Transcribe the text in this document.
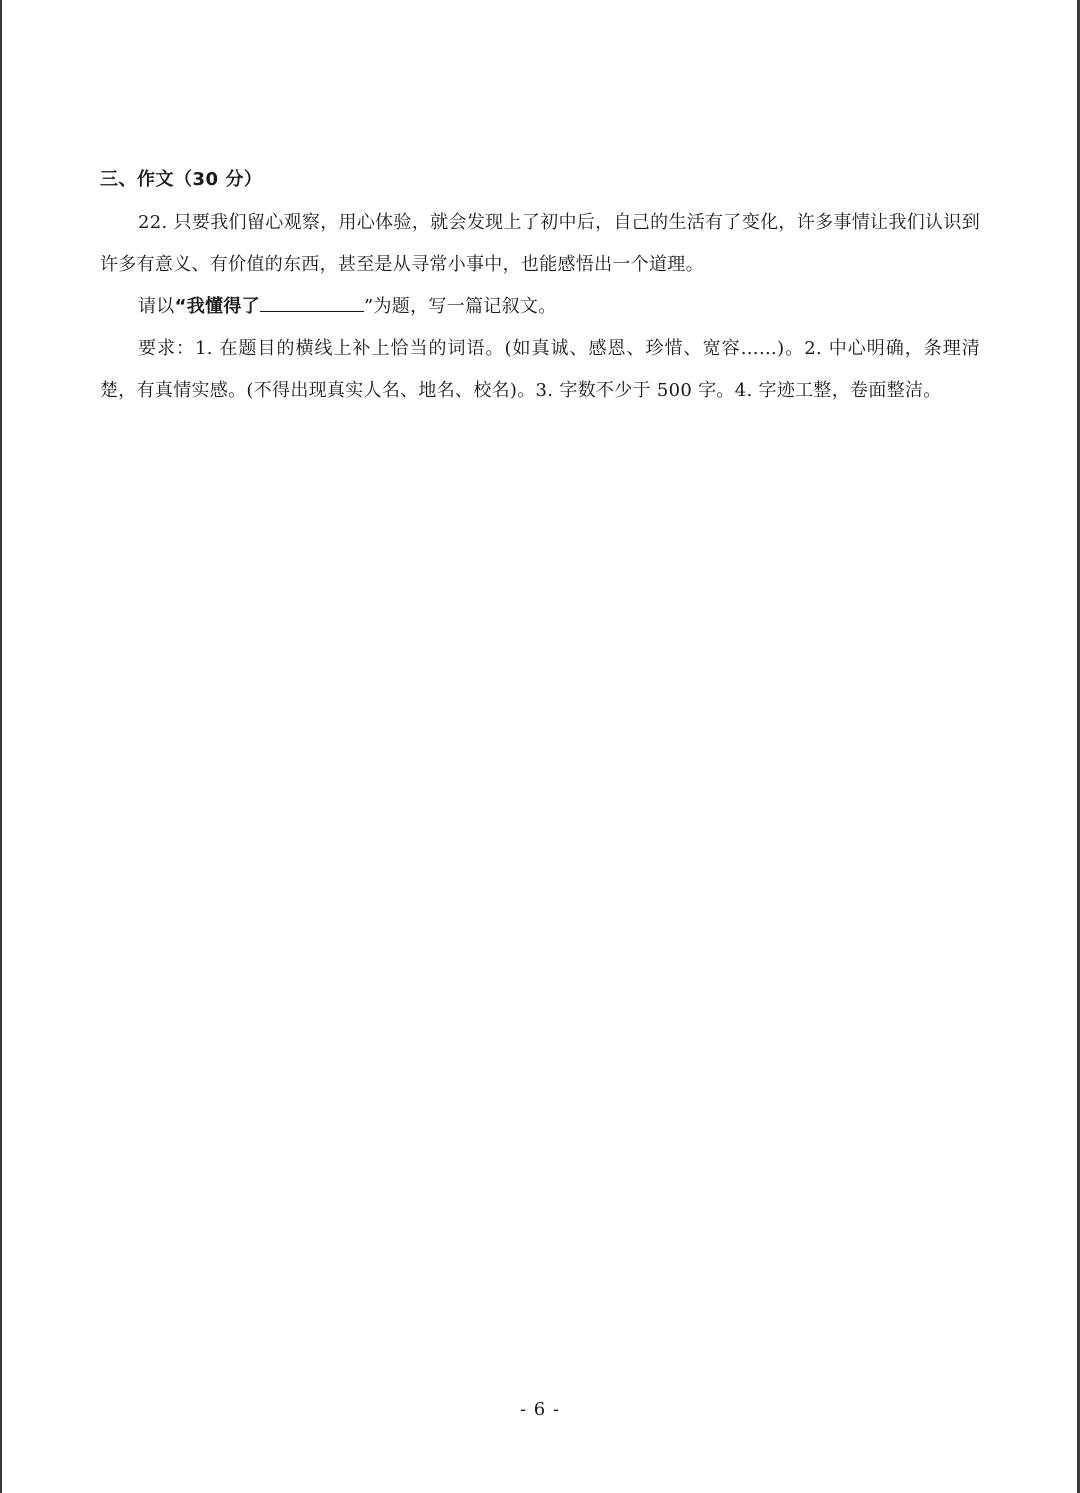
三、作文（30 分）

22. 只要我们留心观察，用心体验，就会发现上了初中后，自己的生活有了变化，许多事情让我们认识到许多有意义、有价值的东西，甚至是从寻常小事中，也能感悟出一个道理。

请以“我懂得了	”为题，写一篇记叙文。

要求：1. 在题目的横线上补上恰当的词语。(如真诚、感恩、珍惜、宽容……)。2. 中心明确，条理清楚，有真情实感。(不得出现真实人名、地名、校名)。3. 字数不少于 500 字。4. 字迹工整，卷面整洁。

- 6 -
